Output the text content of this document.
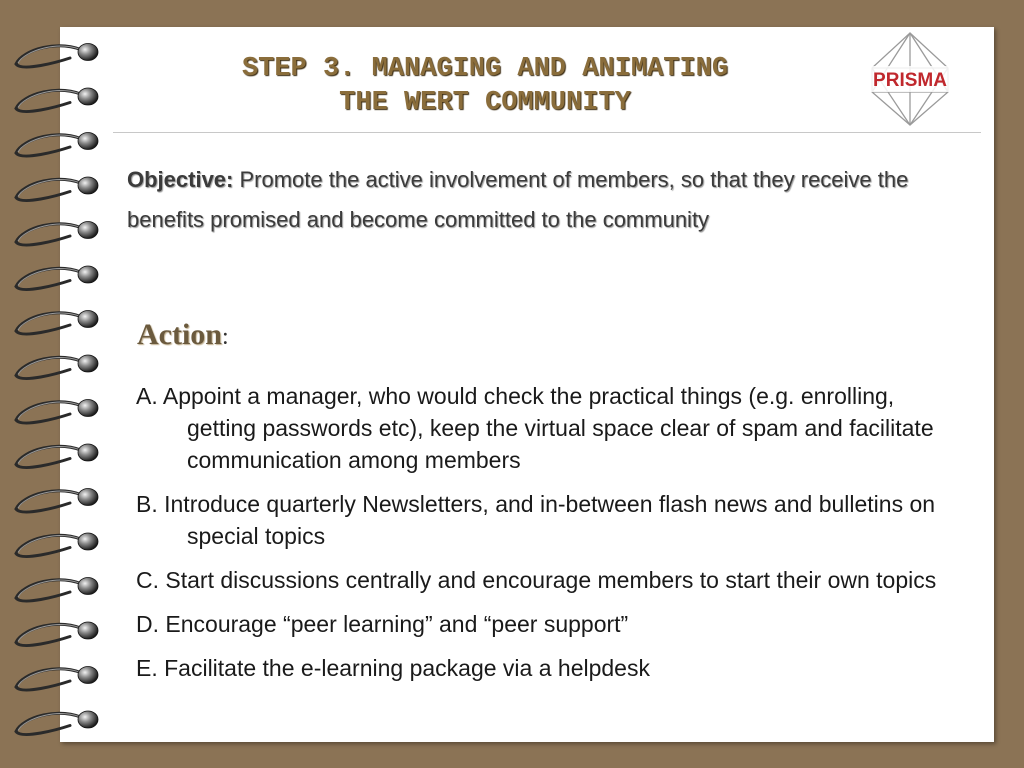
STEP 3. MANAGING AND ANIMATING
THE WERT COMMUNITY
PRISMA

Objective: Promote the active involvement of members, so that they receive the benefits promised and become committed to the community

Action:
A. Appoint a manager, who would check the practical things (e.g. enrolling, getting passwords etc), keep the virtual space clear of spam and facilitate communication among members
B. Introduce quarterly Newsletters, and in-between flash news and bulletins on special topics
C. Start discussions centrally and encourage members to start their own topics
D. Encourage “peer learning” and “peer support”
E. Facilitate the e-learning package via a helpdesk
